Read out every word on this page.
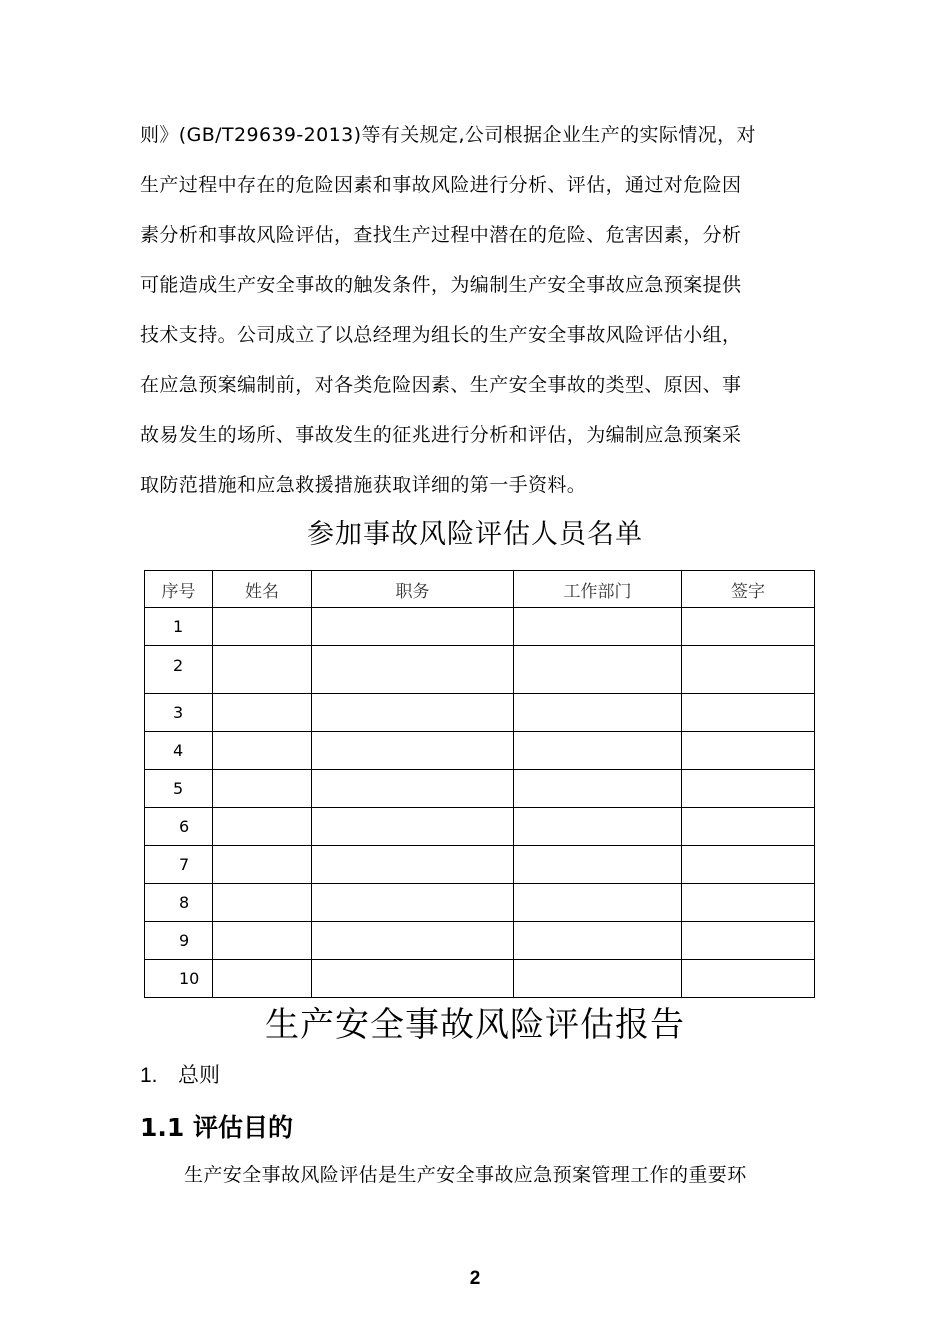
则》(GB/T29639-2013)等有关规定,公司根据企业生产的实际情况，对
生产过程中存在的危险因素和事故风险进行分析、评估，通过对危险因
素分析和事故风险评估，查找生产过程中潜在的危险、危害因素，分析
可能造成生产安全事故的触发条件，为编制生产安全事故应急预案提供
技术支持。公司成立了以总经理为组长的生产安全事故风险评估小组，
在应急预案编制前，对各类危险因素、生产安全事故的类型、原因、事
故易发生的场所、事故发生的征兆进行分析和评估，为编制应急预案采
取防范措施和应急救援措施获取详细的第一手资料。
参加事故风险评估人员名单
序号	姓名	职务	工作部门	签字
1				
2				
3				
4				
5				
6				
7				
8				
9				
10				
生产安全事故风险评估报告
1. 总则
1.1 评估目的
生产安全事故风险评估是生产安全事故应急预案管理工作的重要环
2
